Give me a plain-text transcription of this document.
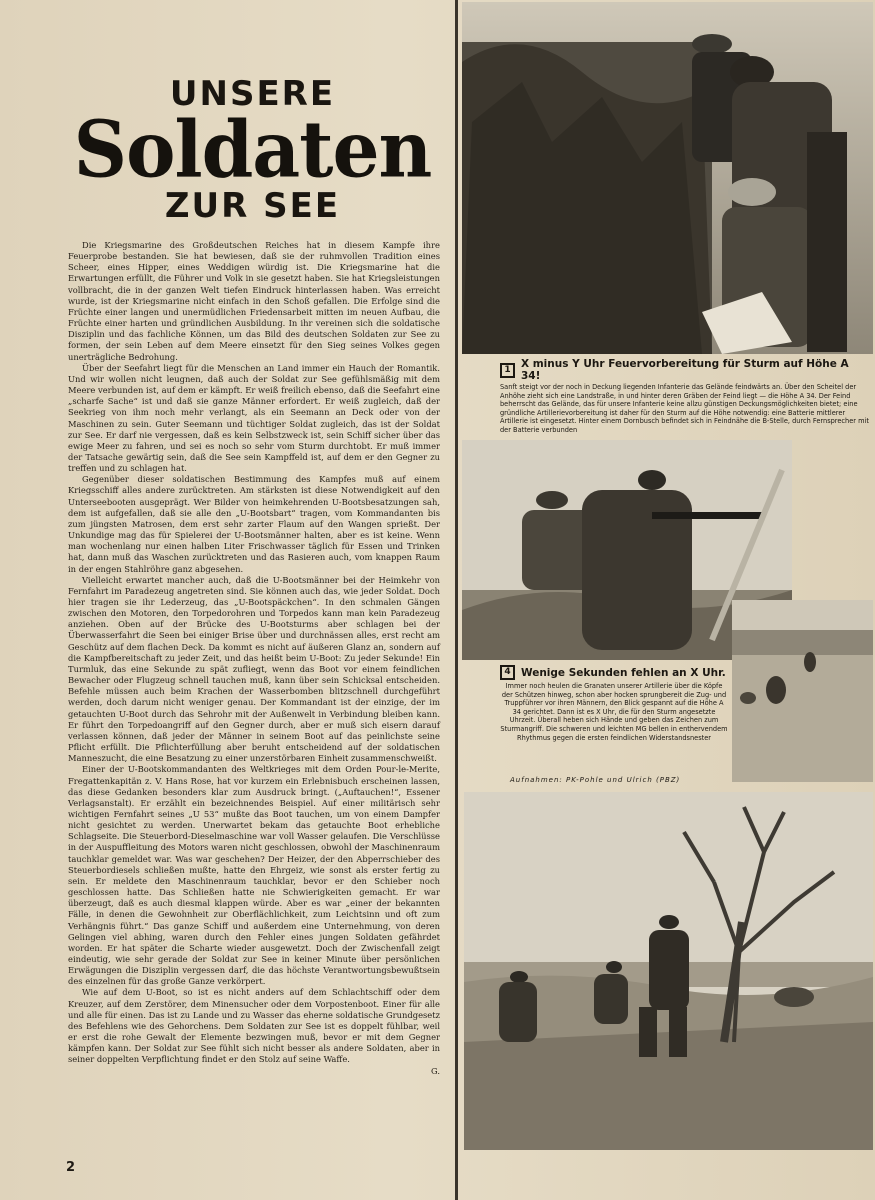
UNSERE
Soldaten
ZUR SEE

Die Kriegsmarine des Großdeutschen Reiches hat in diesem Kampfe ihre Feuerprobe bestanden. Sie hat bewiesen, daß sie der ruhmvollen Tradition eines Scheer, eines Hipper, eines Weddigen würdig ist. Die Kriegsmarine hat die Erwartungen erfüllt, die Führer und Volk in sie gesetzt haben. Sie hat Kriegsleistungen vollbracht, die in der ganzen Welt tiefen Eindruck hinterlassen haben. Was erreicht wurde, ist der Kriegsmarine nicht einfach in den Schoß gefallen. Die Erfolge sind die Früchte einer langen und unermüdlichen Friedensarbeit mitten im neuen Aufbau, die Früchte einer harten und gründlichen Ausbildung. In ihr vereinen sich die soldatische Disziplin und das fachliche Können, um das Bild des deutschen Soldaten zur See zu formen, der sein Leben auf dem Meere einsetzt für den Sieg seines Volkes gegen unerträgliche Bedrohung.

Über der Seefahrt liegt für die Menschen an Land immer ein Hauch der Romantik. Und wir wollen nicht leugnen, daß auch der Soldat zur See gefühlsmäßig mit dem Meere verbunden ist, auf dem er kämpft. Er weiß freilich ebenso, daß die Seefahrt eine „scharfe Sache“ ist und daß sie ganze Männer erfordert. Er weiß zugleich, daß der Seekrieg von ihm noch mehr verlangt, als ein Seemann an Deck oder von der Maschinen zu sein. Guter Seemann und tüchtiger Soldat zugleich, das ist der Soldat zur See. Er darf nie vergessen, daß es kein Selbstzweck ist, sein Schiff sicher über das ewige Meer zu fahren, und sei es noch so sehr vom Sturm durchtobt. Er muß immer der Tatsache gewärtig sein, daß die See sein Kampffeld ist, auf dem er den Gegner zu treffen und zu schlagen hat.

Gegenüber dieser soldatischen Bestimmung des Kampfes muß auf einem Kriegsschiff alles andere zurücktreten. Am stärksten ist diese Notwendigkeit auf den Unterseebooten ausgeprägt. Wer Bilder von heimkehrenden U-Bootsbesatzungen sah, dem ist aufgefallen, daß sie alle den „U-Bootsbart“ tragen, vom Kommandanten bis zum jüngsten Matrosen, dem erst sehr zarter Flaum auf den Wangen sprießt. Der Unkundige mag das für Spielerei der U-Bootsmänner halten, aber es ist keine. Wenn man wochenlang nur einen halben Liter Frischwasser täglich für Essen und Trinken hat, dann muß das Waschen zurücktreten und das Rasieren auch, vom knappen Raum in der engen Stahlröhre ganz abgesehen.

Vielleicht erwartet mancher auch, daß die U-Bootsmänner bei der Heimkehr von Fernfahrt im Paradezeug angetreten sind. Sie können auch das, wie jeder Soldat. Doch hier tragen sie ihr Lederzeug, das „U-Bootspäckchen“. In den schmalen Gängen zwischen den Motoren, den Torpedorohren und Torpedos kann man kein Paradezeug anziehen. Oben auf der Brücke des U-Bootsturms aber schlagen bei der Überwasserfahrt die Seen bei einiger Brise über und durchnässen alles, erst recht am Geschütz auf dem flachen Deck. Da kommt es nicht auf äußeren Glanz an, sondern auf die Kampfbereitschaft zu jeder Zeit, und das heißt beim U-Boot: Zu jeder Sekunde! Ein Turmluk, das eine Sekunde zu spät zufliegt, wenn das Boot vor einem feindlichen Bewacher oder Flugzeug schnell tauchen muß, kann über sein Schicksal entscheiden. Befehle müssen auch beim Krachen der Wasserbomben blitzschnell durchgeführt werden, doch darum nicht weniger genau. Der Kommandant ist der einzige, der im getauchten U-Boot durch das Sehrohr mit der Außenwelt in Verbindung bleiben kann. Er führt den Torpedoangriff auf den Gegner durch, aber er muß sich eisern darauf verlassen können, daß jeder der Männer in seinem Boot auf das peinlichste seine Pflicht erfüllt. Die Pflichterfüllung aber beruht entscheidend auf der soldatischen Manneszucht, die eine Besatzung zu einer unzerstörbaren Einheit zusammenschweißt.

Einer der U-Bootskommandanten des Weltkrieges mit dem Orden Pour-le-Merite, Fregattenkapitän z. V. Hans Rose, hat vor kurzem ein Erlebnisbuch erscheinen lassen, das diese Gedanken besonders klar zum Ausdruck bringt. („Auftauchen!“, Essener Verlagsanstalt). Er erzählt ein bezeichnendes Beispiel. Auf einer militärisch sehr wichtigen Fernfahrt seines „U 53“ mußte das Boot tauchen, um von einem Dampfer nicht gesichtet zu werden. Unerwartet bekam das getauchte Boot erhebliche Schlagseite. Die Steuerbord-Dieselmaschine war voll Wasser gelaufen. Die Verschlüsse in der Auspuffleitung des Motors waren nicht geschlossen, obwohl der Maschinenraum tauchklar gemeldet war. Was war geschehen? Der Heizer, der den Abperrschieber des Steuerbordiesels schließen mußte, hatte den Ehrgeiz, wie sonst als erster fertig zu sein. Er meldete den Maschinenraum tauchklar, bevor er den Schieber noch geschlossen hatte. Das Schließen hatte nie Schwierigkeiten gemacht. Er war überzeugt, daß es auch diesmal klappen würde. Aber es war „einer der bekannten Fälle, in denen die Gewohnheit zur Oberflächlichkeit, zum Leichtsinn und oft zum Verhängnis führt.“ Das ganze Schiff und außerdem eine Unternehmung, von deren Gelingen viel abhing, waren durch den Fehler eines jungen Soldaten gefährdet worden. Er hat später die Scharte wieder ausgewetzt. Doch der Zwischenfall zeigt eindeutig, wie sehr gerade der Soldat zur See in keiner Minute über persönlichen Erwägungen die Disziplin vergessen darf, die das höchste Verantwortungsbewußtsein des einzelnen für das große Ganze verkörpert.

Wie auf dem U-Boot, so ist es nicht anders auf dem Schlachtschiff oder dem Kreuzer, auf dem Zerstörer, dem Minensucher oder dem Vorpostenboot. Einer für alle und alle für einen. Das ist zu Lande und zu Wasser das eherne soldatische Grundgesetz des Befehlens wie des Gehorchens. Dem Soldaten zur See ist es doppelt fühlbar, weil er erst die rohe Gewalt der Elemente bezwingen muß, bevor er mit dem Gegner kämpfen kann. Der Soldat zur See fühlt sich nicht besser als andere Soldaten, aber in seiner doppelten Verpflichtung findet er den Stolz auf seine Waffe.

G.
2
1 X minus Y Uhr Feuervorbereitung für Sturm auf Höhe A 34!
Sanft steigt vor der noch in Deckung liegenden Infanterie das Gelände feindwärts an. Über den Scheitel der Anhöhe zieht sich eine Landstraße, in und hinter deren Gräben der Feind liegt — die Höhe A 34. Der Feind beherrscht das Gelände, das für unsere Infanterie keine allzu günstigen Deckungsmöglichkeiten bietet; eine gründliche Artillerievorbereitung ist daher für den Sturm auf die Höhe notwendig: eine Batterie mittlerer Artillerie ist eingesetzt. Hinter einem Dornbusch befindet sich in Feindnähe die B-Stelle, durch Fernsprecher mit der Batterie verbunden
4 Wenige Sekunden fehlen an X Uhr.
Immer noch heulen die Granaten unserer Artillerie über die Köpfe der Schützen hinweg, schon aber hocken sprungbereit die Zug- und Truppführer vor ihren Männern, den Blick gespannt auf die Höhe A 34 gerichtet. Dann ist es X Uhr, die für den Sturm angesetzte Uhrzeit. Überall heben sich Hände und geben das Zeichen zum Sturmangriff. Die schweren und leichten MG bellen in enthervendem Rhythmus gegen die ersten feindlichen Widerstandsnester
Aufnahmen: PK-Pohle und Ulrich (PBZ)
